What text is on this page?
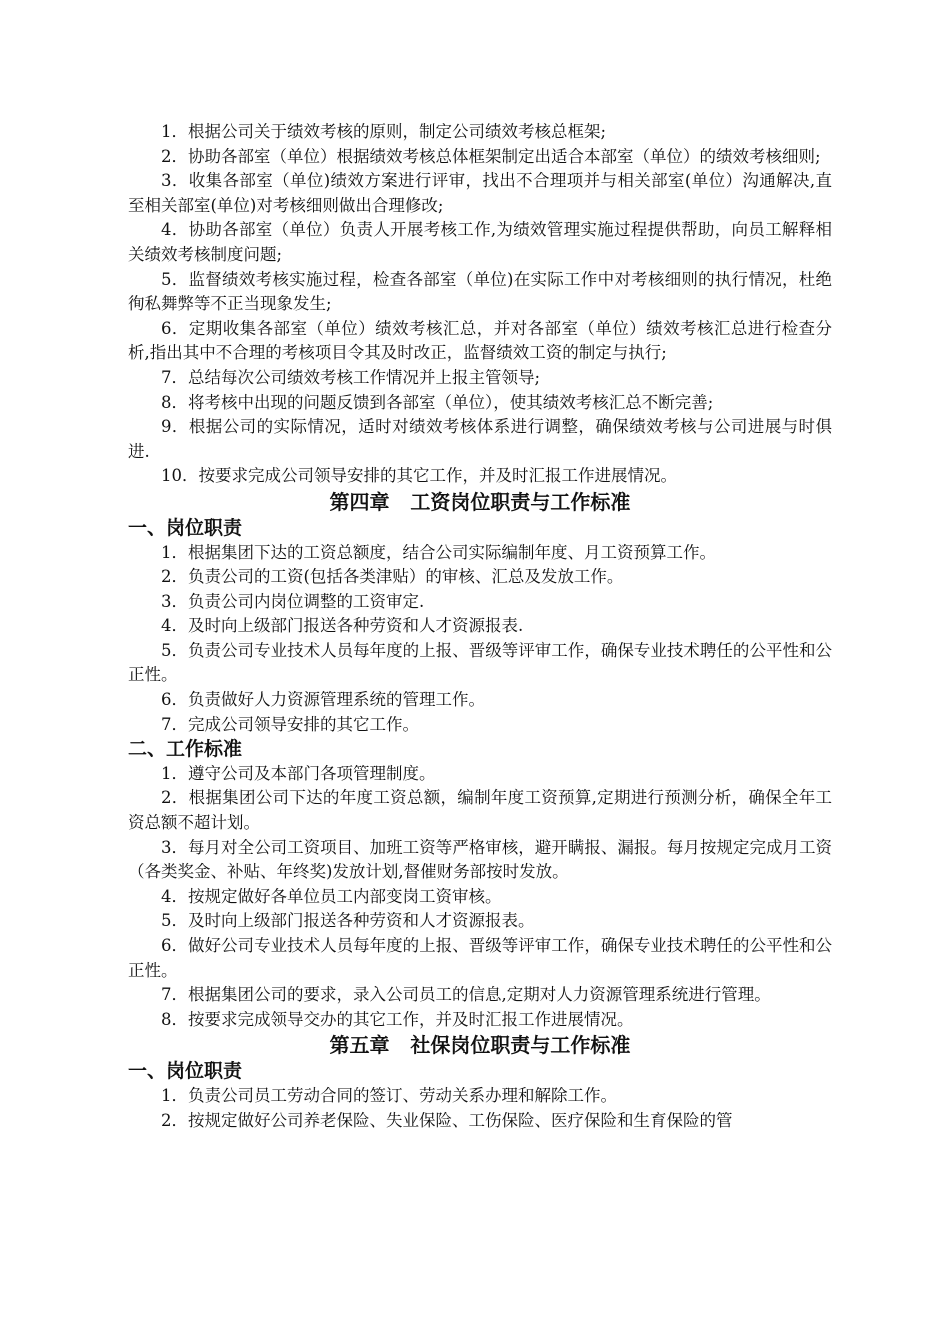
1．根据公司关于绩效考核的原则，制定公司绩效考核总框架;

2．协助各部室（单位）根据绩效考核总体框架制定出适合本部室（单位）的绩效考核细则;

3．收集各部室（单位)绩效方案进行评审，找出不合理项并与相关部室(单位）沟通解决,直至相关部室(单位)对考核细则做出合理修改;

4．协助各部室（单位）负责人开展考核工作,为绩效管理实施过程提供帮助，向员工解释相关绩效考核制度问题;

5．监督绩效考核实施过程，检查各部室（单位)在实际工作中对考核细则的执行情况，杜绝徇私舞弊等不正当现象发生;

6．定期收集各部室（单位）绩效考核汇总，并对各部室（单位）绩效考核汇总进行检查分析,指出其中不合理的考核项目令其及时改正，监督绩效工资的制定与执行;

7．总结每次公司绩效考核工作情况并上报主管领导;

8．将考核中出现的问题反馈到各部室（单位），使其绩效考核汇总不断完善;

9．根据公司的实际情况，适时对绩效考核体系进行调整，确保绩效考核与公司进展与时俱进.

10．按要求完成公司领导安排的其它工作，并及时汇报工作进展情况。

第四章   工资岗位职责与工作标准
一、岗位职责

1．根据集团下达的工资总额度，结合公司实际编制年度、月工资预算工作。

2．负责公司的工资(包括各类津贴）的审核、汇总及发放工作。

3．负责公司内岗位调整的工资审定.

4．及时向上级部门报送各种劳资和人才资源报表.

5．负责公司专业技术人员每年度的上报、晋级等评审工作，确保专业技术聘任的公平性和公正性。

6．负责做好人力资源管理系统的管理工作。

7．完成公司领导安排的其它工作。

二、工作标准

1．遵守公司及本部门各项管理制度。

2．根据集团公司下达的年度工资总额，编制年度工资预算,定期进行预测分析，确保全年工资总额不超计划。

3．每月对全公司工资项目、加班工资等严格审核，避开瞒报、漏报。每月按规定完成月工资（各类奖金、补贴、年终奖)发放计划,督催财务部按时发放。

4．按规定做好各单位员工内部变岗工资审核。

5．及时向上级部门报送各种劳资和人才资源报表。

6．做好公司专业技术人员每年度的上报、晋级等评审工作，确保专业技术聘任的公平性和公正性。

7．根据集团公司的要求，录入公司员工的信息,定期对人力资源管理系统进行管理。

8．按要求完成领导交办的其它工作，并及时汇报工作进展情况。

第五章   社保岗位职责与工作标准
一、岗位职责

1．负责公司员工劳动合同的签订、劳动关系办理和解除工作。

2．按规定做好公司养老保险、失业保险、工伤保险、医疗保险和生育保险的管
